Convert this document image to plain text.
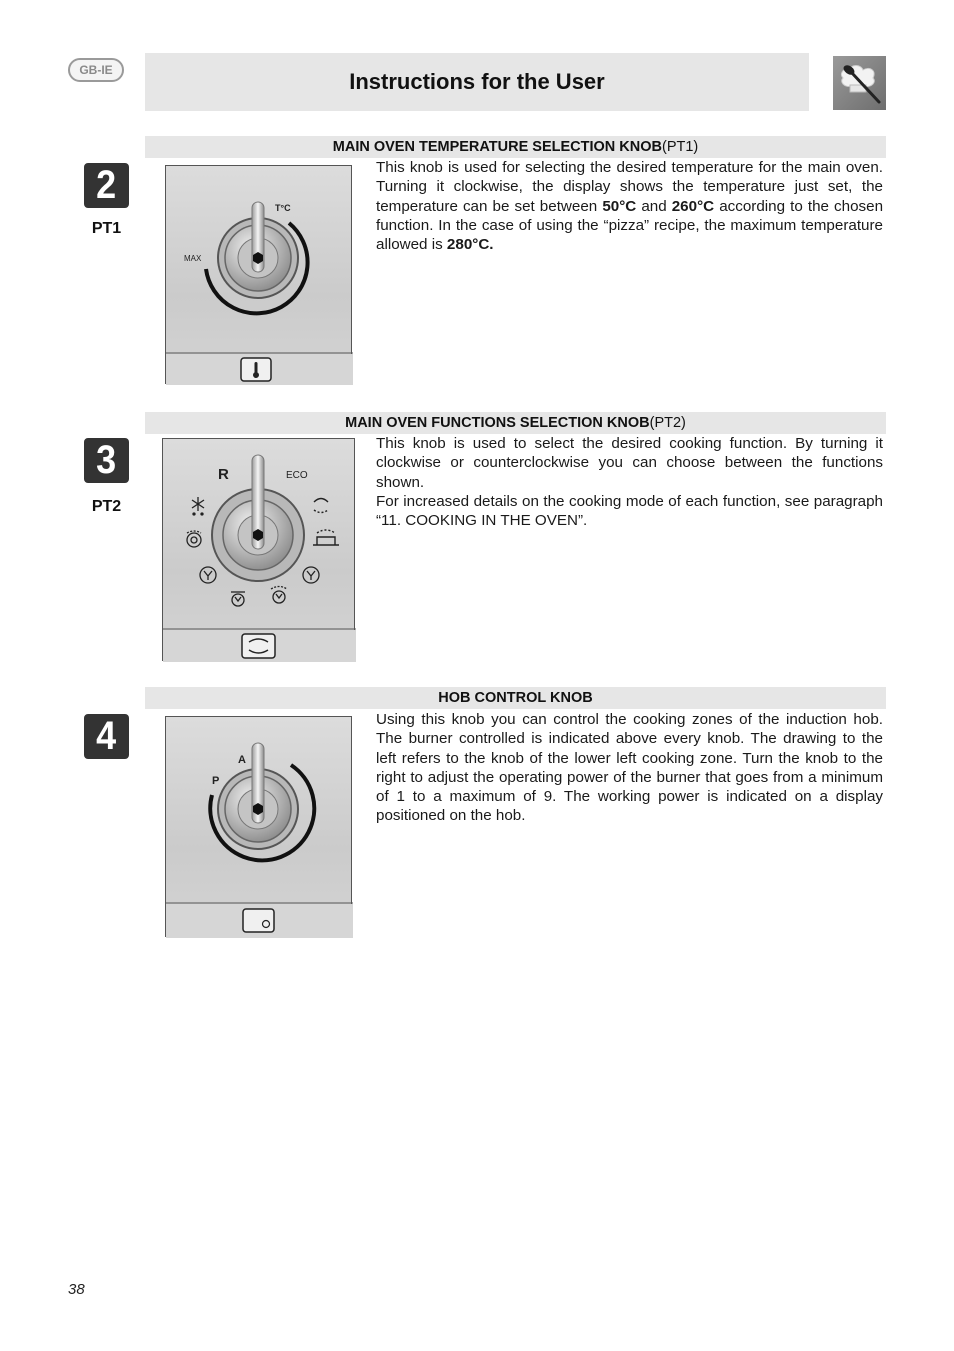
GB-IE	Instructions for the User
MAIN OVEN TEMPERATURE SELECTION KNOB (PT1)
2
PT1
T°C
MAX

This knob is used for selecting the desired temperature for the main oven. Turning it clockwise, the display shows the temperature just set, the temperature can be set between 50°C and 260°C according to the chosen function. In the case of using the “pizza” recipe, the maximum temperature allowed is 280°C.

MAIN OVEN FUNCTIONS SELECTION KNOB (PT2)
3
PT2
R	ECO

This knob is used to select the desired cooking function. By turning it clockwise or counterclockwise you can choose between the functions shown.

For increased details on the cooking mode of each function, see paragraph “11. COOKING IN THE OVEN”.

HOB CONTROL KNOB
4
A
P

Using this knob you can control the cooking zones of the induction hob. The burner controlled is indicated above every knob. The drawing to the left refers to the knob of the lower left cooking zone. Turn the knob to the right to adjust the operating power of the burner that goes from a minimum of 1 to a maximum of 9. The working power is indicated on a display positioned on the hob.

38
